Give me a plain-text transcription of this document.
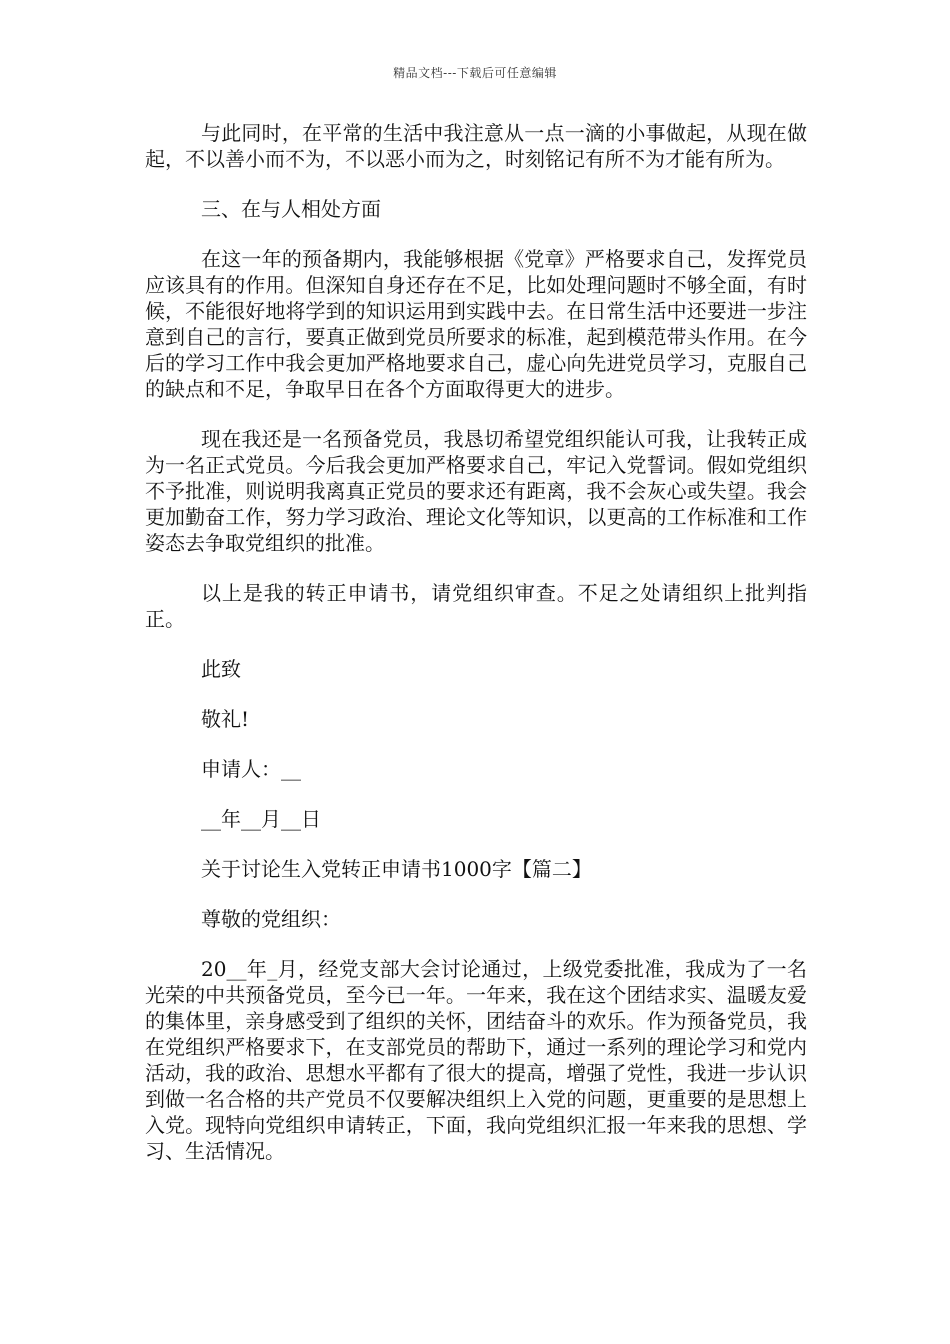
精品文档---下载后可任意编辑

与此同时，在平常的生活中我注意从一点一滴的小事做起，从现在做起，不以善小而不为，不以恶小而为之，时刻铭记有所不为才能有所为。

三、在与人相处方面

在这一年的预备期内，我能够根据《党章》严格要求自己，发挥党员应该具有的作用。但深知自身还存在不足，比如处理问题时不够全面，有时候，不能很好地将学到的知识运用到实践中去。在日常生活中还要进一步注意到自己的言行，要真正做到党员所要求的标准，起到模范带头作用。在今后的学习工作中我会更加严格地要求自己，虚心向先进党员学习，克服自己的缺点和不足，争取早日在各个方面取得更大的进步。

现在我还是一名预备党员，我恳切希望党组织能认可我，让我转正成为一名正式党员。今后我会更加严格要求自己，牢记入党誓词。假如党组织不予批准，则说明我离真正党员的要求还有距离，我不会灰心或失望。我会更加勤奋工作，努力学习政治、理论文化等知识，以更高的工作标准和工作姿态去争取党组织的批准。

以上是我的转正申请书，请党组织审查。不足之处请组织上批判指正。

此致

敬礼!

申请人：__

__年__月__日

关于讨论生入党转正申请书1000字【篇二】

尊敬的党组织：

20__年_月，经党支部大会讨论通过，上级党委批准，我成为了一名光荣的中共预备党员，至今已一年。一年来，我在这个团结求实、温暖友爱的集体里，亲身感受到了组织的关怀，团结奋斗的欢乐。作为预备党员，我在党组织严格要求下，在支部党员的帮助下，通过一系列的理论学习和党内活动，我的政治、思想水平都有了很大的提高，增强了党性，我进一步认识到做一名合格的共产党员不仅要解决组织上入党的问题，更重要的是思想上入党。现特向党组织申请转正，下面，我向党组织汇报一年来我的思想、学习、生活情况。
